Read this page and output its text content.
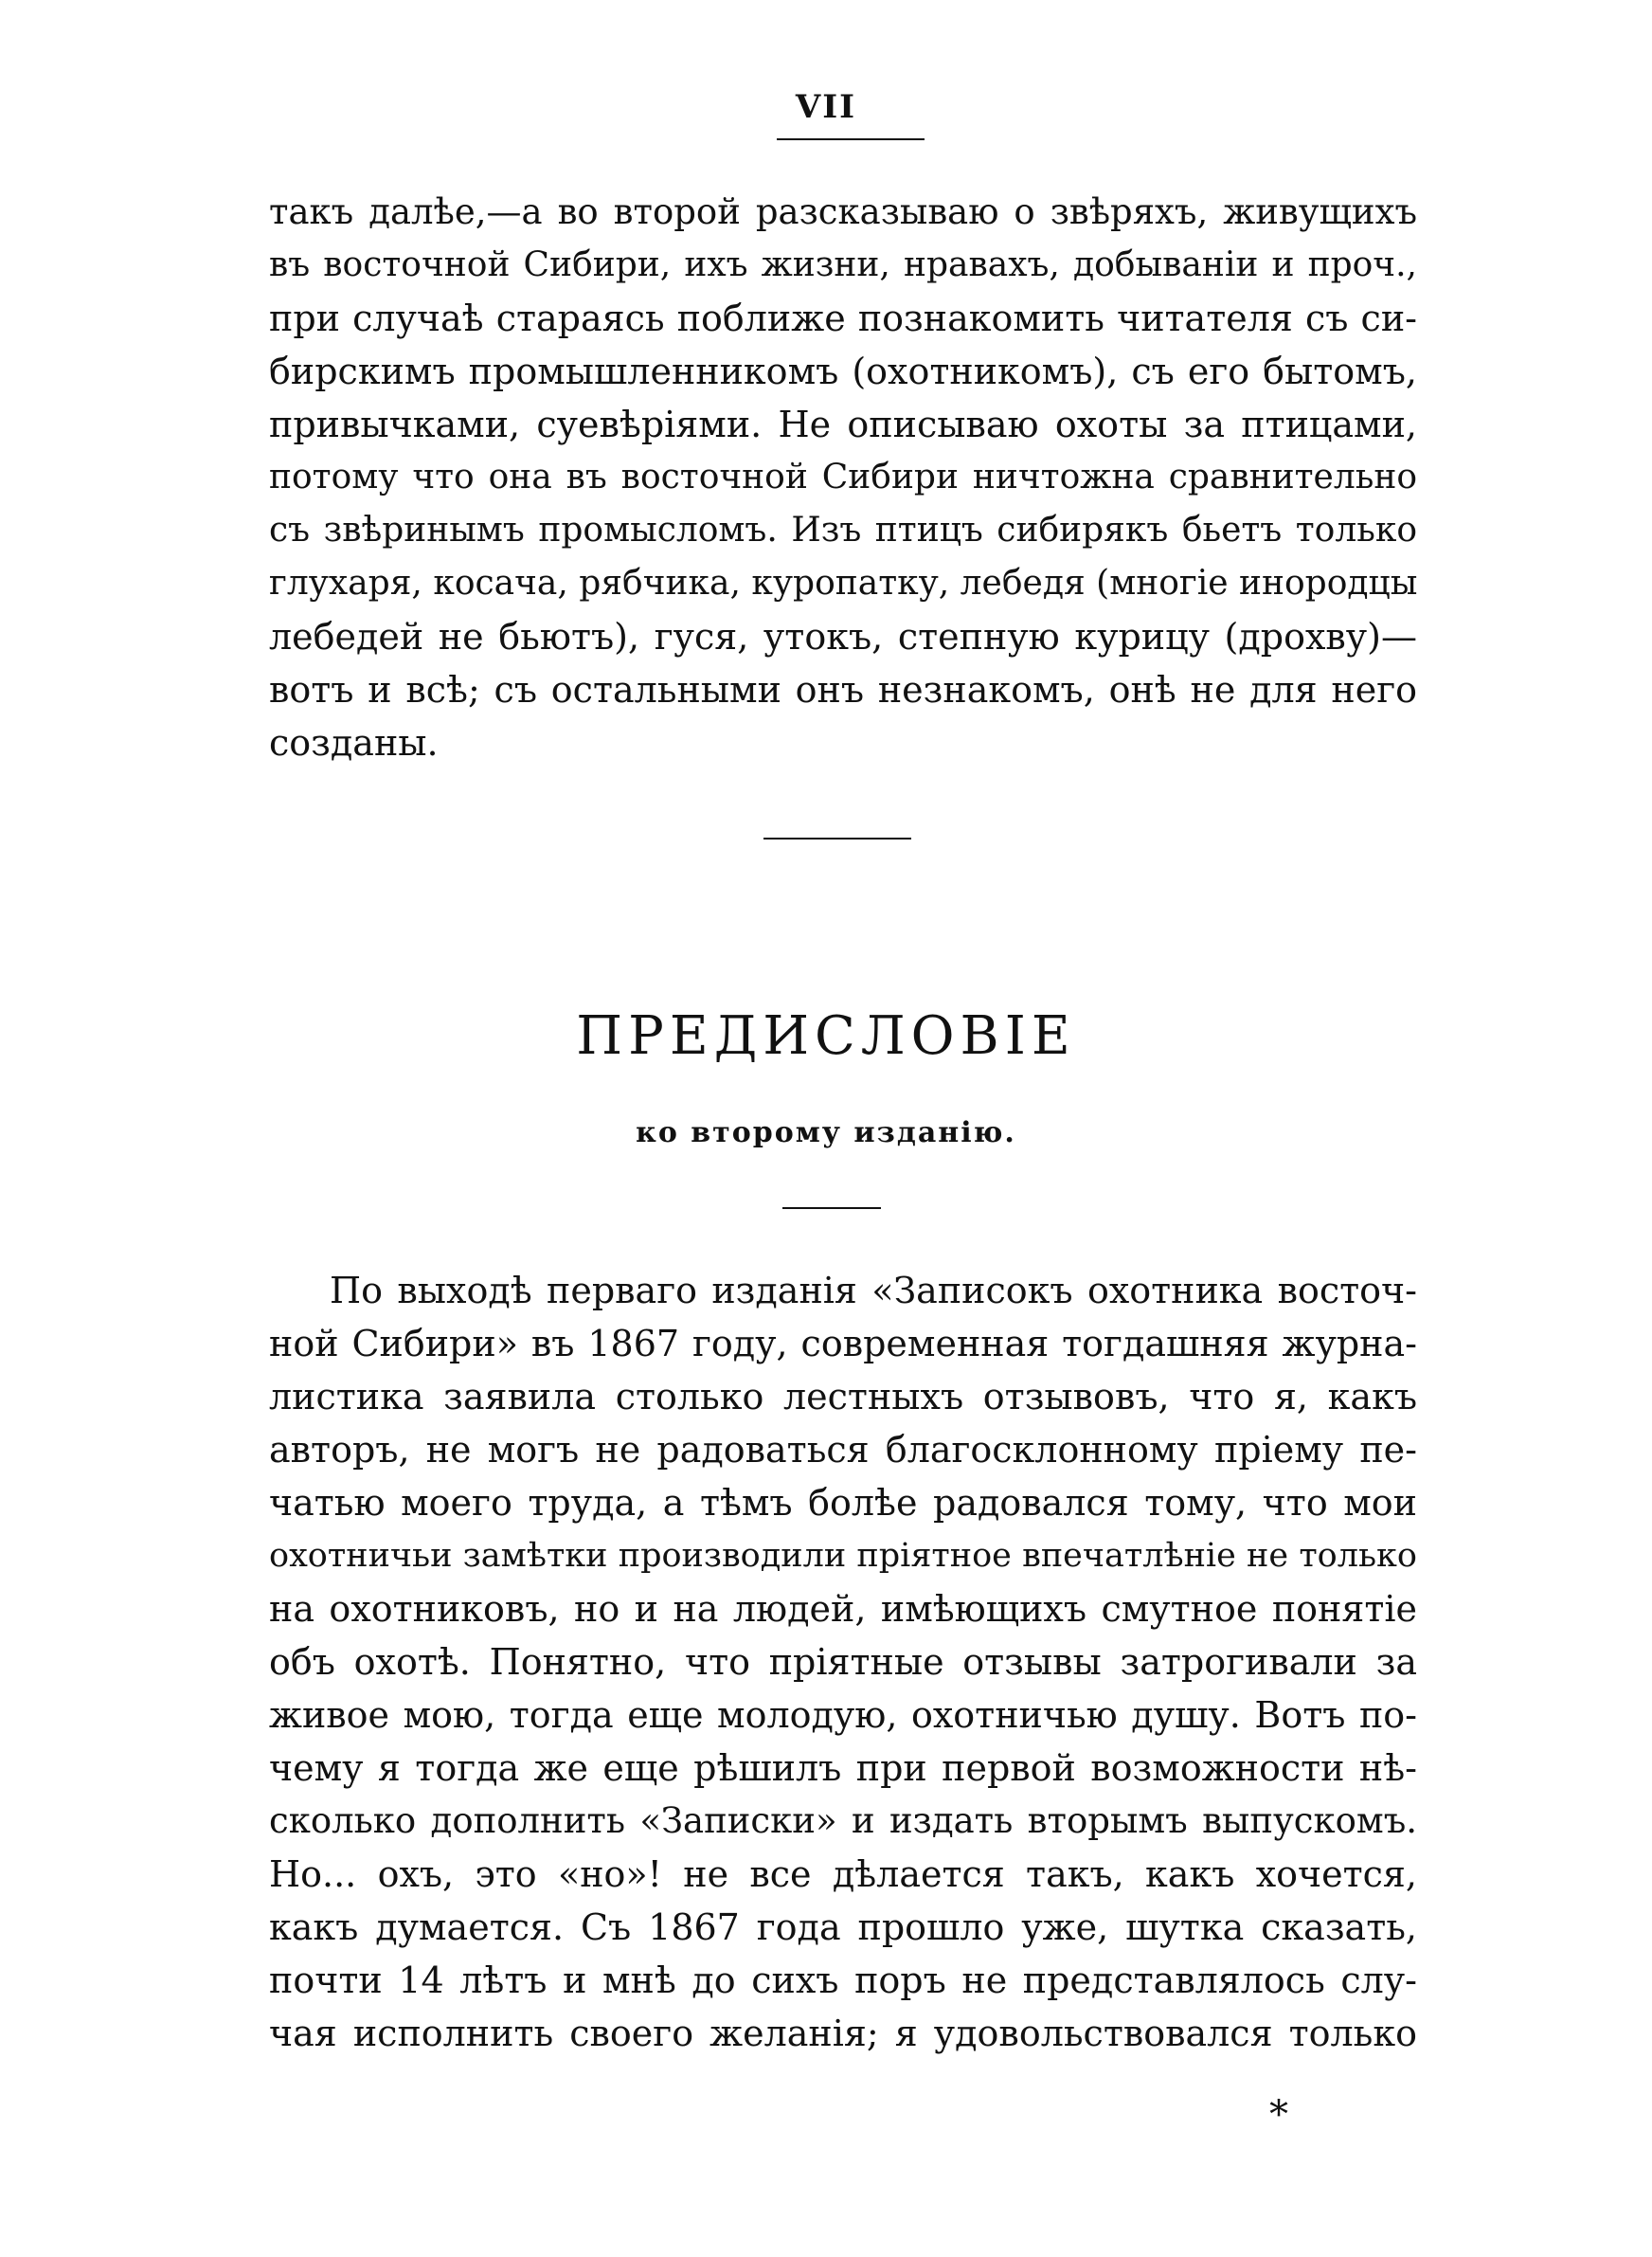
VII
такъ далѣе,—а во второй разсказываю о звѣряхъ, живущихъ
въ восточной Сибири, ихъ жизни, нравахъ, добываніи и проч.,
при случаѣ стараясь поближе познакомить читателя съ си-
бирскимъ промышленникомъ (охотникомъ), съ его бытомъ,
привычками, суевѣріями. Не описываю охоты за птицами,
потому что она въ восточной Сибири ничтожна сравнительно
съ звѣринымъ промысломъ. Изъ птицъ сибирякъ бьетъ только
глухаря, косача, рябчика, куропатку, лебедя (многіе инородцы
лебедей не бьютъ), гуся, утокъ, степную курицу (дрохву)—
вотъ и всѣ; съ остальными онъ незнакомъ, онѣ не для него
созданы.
ПРЕДИСЛОВІЕ
ко второму изданію.
По выходѣ перваго изданія «Записокъ охотника восточ-
ной Сибири» въ 1867 году, современная тогдашняя журна-
листика заявила столько лестныхъ отзывовъ, что я, какъ
авторъ, не могъ не радоваться благосклонному пріему пе-
чатью моего труда, а тѣмъ болѣе радовался тому, что мои
охотничьи замѣтки производили пріятное впечатлѣніе не только
на охотниковъ, но и на людей, имѣющихъ смутное понятіе
объ охотѣ. Понятно, что пріятные отзывы затрогивали за
живое мою, тогда еще молодую, охотничью душу. Вотъ по-
чему я тогда же еще рѣшилъ при первой возможности нѣ-
сколько дополнить «Записки» и издать вторымъ выпускомъ.
Но... охъ, это «но»! не все дѣлается такъ, какъ хочется,
какъ думается. Съ 1867 года прошло уже, шутка сказать,
почти 14 лѣтъ и мнѣ до сихъ поръ не представлялось слу-
чая исполнить своего желанія; я удовольствовался только
*
